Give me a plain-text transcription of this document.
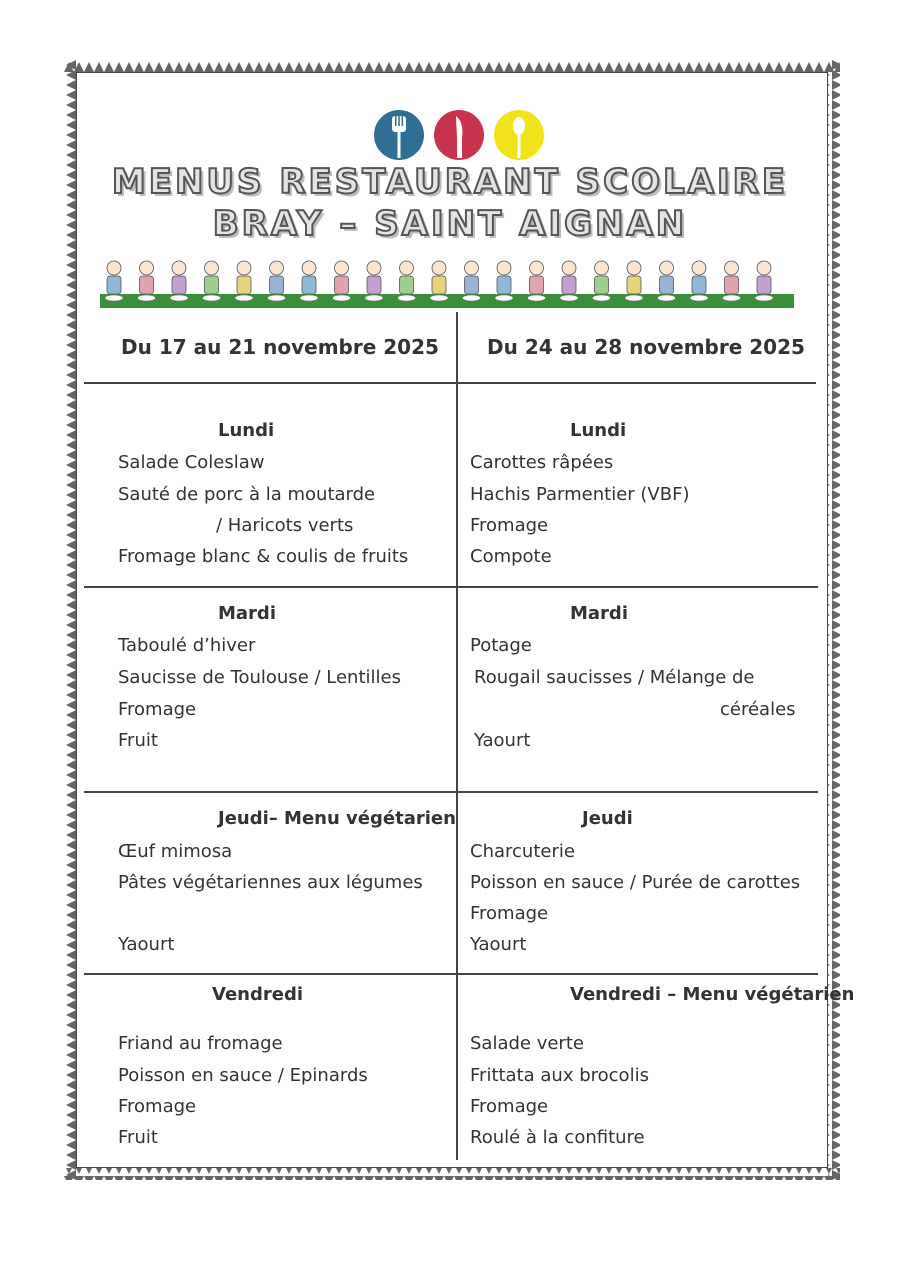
MENUS RESTAURANT SCOLAIRE
BRAY – SAINT AIGNAN
Du 17 au 21 novembre 2025	Du 24 au 28 novembre 2025
Lundi
Salade Coleslaw
Sauté de porc à la moutarde
/ Haricots verts
Fromage blanc & coulis de fruits
Mardi
Taboulé d’hiver
Saucisse de Toulouse / Lentilles
Fromage
Fruit
Jeudi– Menu végétarien
Œuf mimosa
Pâtes végétariennes aux légumes
Yaourt
Vendredi
Friand au fromage
Poisson en sauce / Epinards
Fromage
Fruit
Lundi
Carottes râpées
Hachis Parmentier (VBF)
Fromage
Compote
Mardi
Potage
Rougail saucisses / Mélange de
céréales
Yaourt
Jeudi
Charcuterie
Poisson en sauce / Purée de carottes
Fromage
Yaourt
Vendredi – Menu végétarien
Salade verte
Frittata aux brocolis
Fromage
Roulé à la confiture
